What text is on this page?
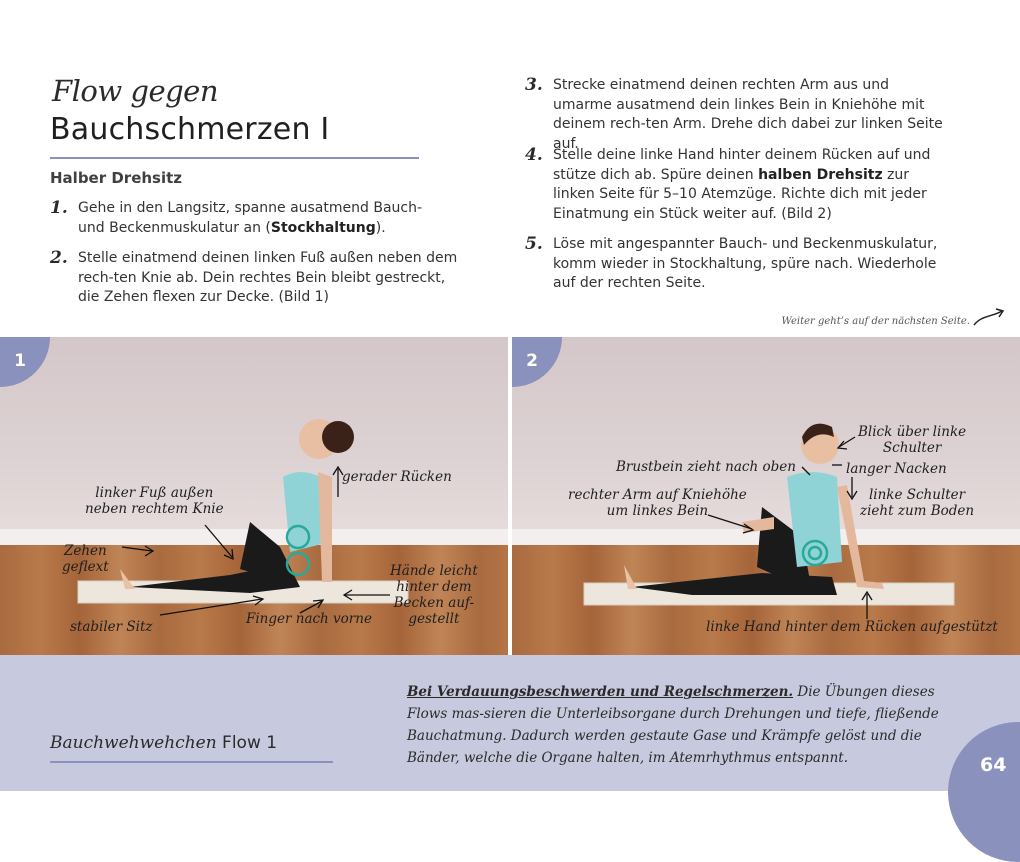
Flow gegen
Bauchschmerzen I
Halber Drehsitz
1. Gehe in den Langsitz, spanne ausatmend Bauch- und Beckenmuskulatur an (Stockhaltung).
2. Stelle einatmend deinen linken Fuß außen neben dem rech-ten Knie ab. Dein rechtes Bein bleibt gestreckt, die Zehen flexen zur Decke. (Bild 1)
3. Strecke einatmend deinen rechten Arm aus und umarme ausatmend dein linkes Bein in Kniehöhe mit deinem rech-ten Arm. Drehe dich dabei zur linken Seite auf.
4. Stelle deine linke Hand hinter deinem Rücken auf und stütze dich ab. Spüre deinen halben Drehsitz zur linken Seite für 5–10 Atemzüge. Richte dich mit jeder Einatmung ein Stück weiter auf. (Bild 2)
5. Löse mit angespannter Bauch- und Beckenmuskulatur, komm wieder in Stockhaltung, spüre nach. Wiederhole auf der rechten Seite.
Weiter geht’s auf der nächsten Seite.
1
gerader Rücken
linker Fuß außen
neben rechtem Knie
Zehen
geflext	Hände leicht
hinter dem
Becken auf-
gestellt
Finger nach vorne
stabiler Sitz
2
Blick über linke
Schulter
Brustbein zieht nach oben	langer Nacken
rechter Arm auf Kniehöhe
um linkes Bein
linke Schulter
zieht zum Boden
linke Hand hinter dem Rücken aufgestützt
Bauchwehwehchen Flow 1
Bei Verdauungsbeschwerden und Regelschmerzen. Die Übungen dieses Flows mas-sieren die Unterleibsorgane durch Drehungen und tiefe, fließende Bauchatmung. Dadurch werden gestaute Gase und Krämpfe gelöst und die Bänder, welche die Organe halten, im Atemrhythmus entspannt.	64
